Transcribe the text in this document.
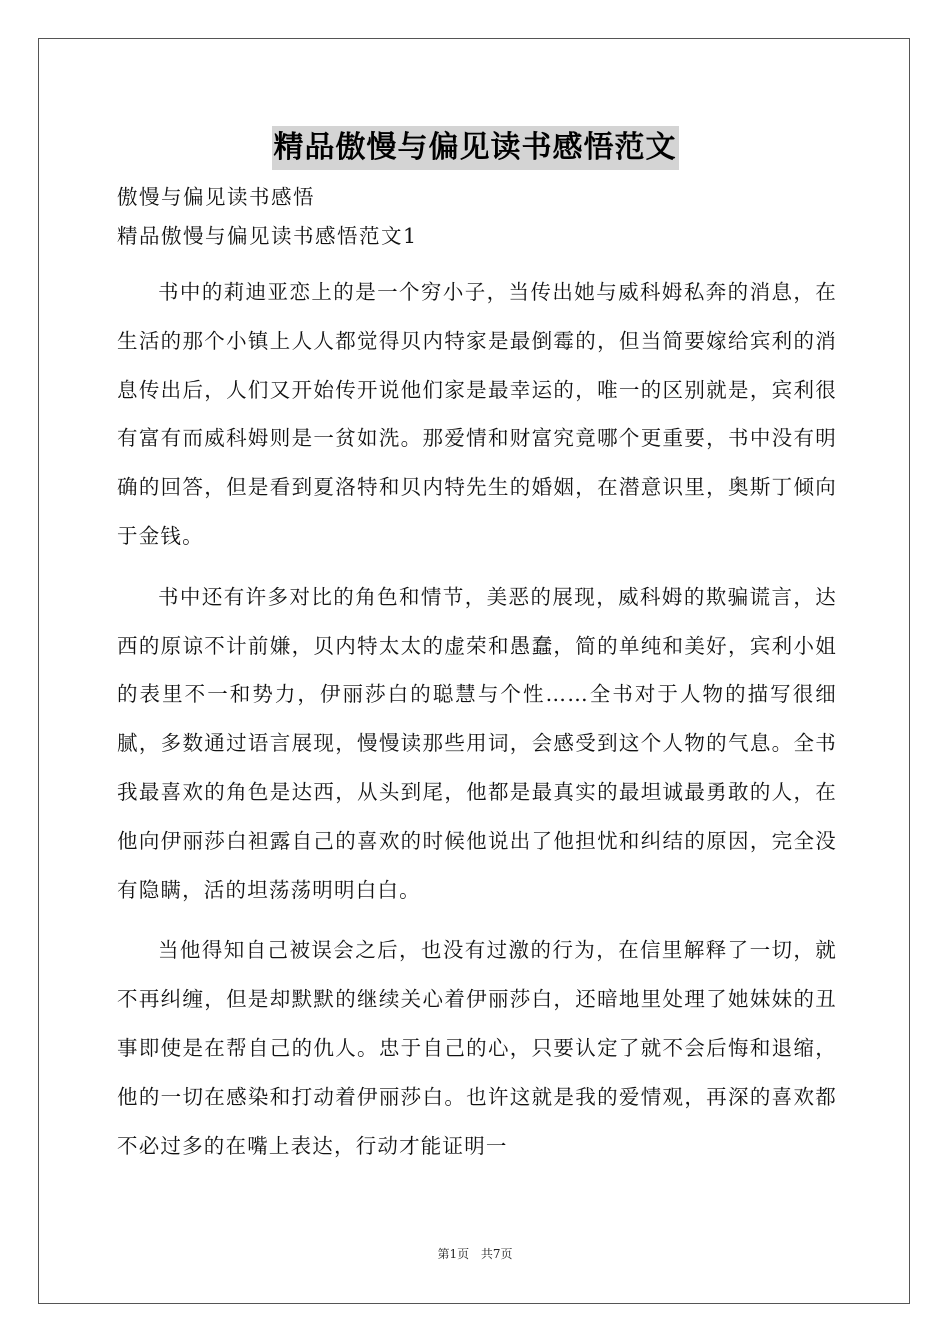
精品傲慢与偏见读书感悟范文

傲慢与偏见读书感悟

精品傲慢与偏见读书感悟范文1

书中的莉迪亚恋上的是一个穷小子，当传出她与威科姆私奔的消息，在生活的那个小镇上人人都觉得贝内特家是最倒霉的，但当简要嫁给宾利的消息传出后，人们又开始传开说他们家是最幸运的，唯一的区别就是，宾利很有富有而威科姆则是一贫如洗。那爱情和财富究竟哪个更重要，书中没有明确的回答，但是看到夏洛特和贝内特先生的婚姻，在潜意识里，奥斯丁倾向于金钱。

书中还有许多对比的角色和情节，美恶的展现，威科姆的欺骗谎言，达西的原谅不计前嫌，贝内特太太的虚荣和愚蠢，简的单纯和美好，宾利小姐的表里不一和势力，伊丽莎白的聪慧与个性……全书对于人物的描写很细腻，多数通过语言展现，慢慢读那些用词，会感受到这个人物的气息。全书我最喜欢的角色是达西，从头到尾，他都是最真实的最坦诚最勇敢的人，在他向伊丽莎白袒露自己的喜欢的时候他说出了他担忧和纠结的原因，完全没有隐瞒，活的坦荡荡明明白白。

当他得知自己被误会之后，也没有过激的行为，在信里解释了一切，就不再纠缠，但是却默默的继续关心着伊丽莎白，还暗地里处理了她妹妹的丑事即使是在帮自己的仇人。忠于自己的心，只要认定了就不会后悔和退缩，他的一切在感染和打动着伊丽莎白。也许这就是我的爱情观，再深的喜欢都不必过多的在嘴上表达，行动才能证明一

第1页 共7页
